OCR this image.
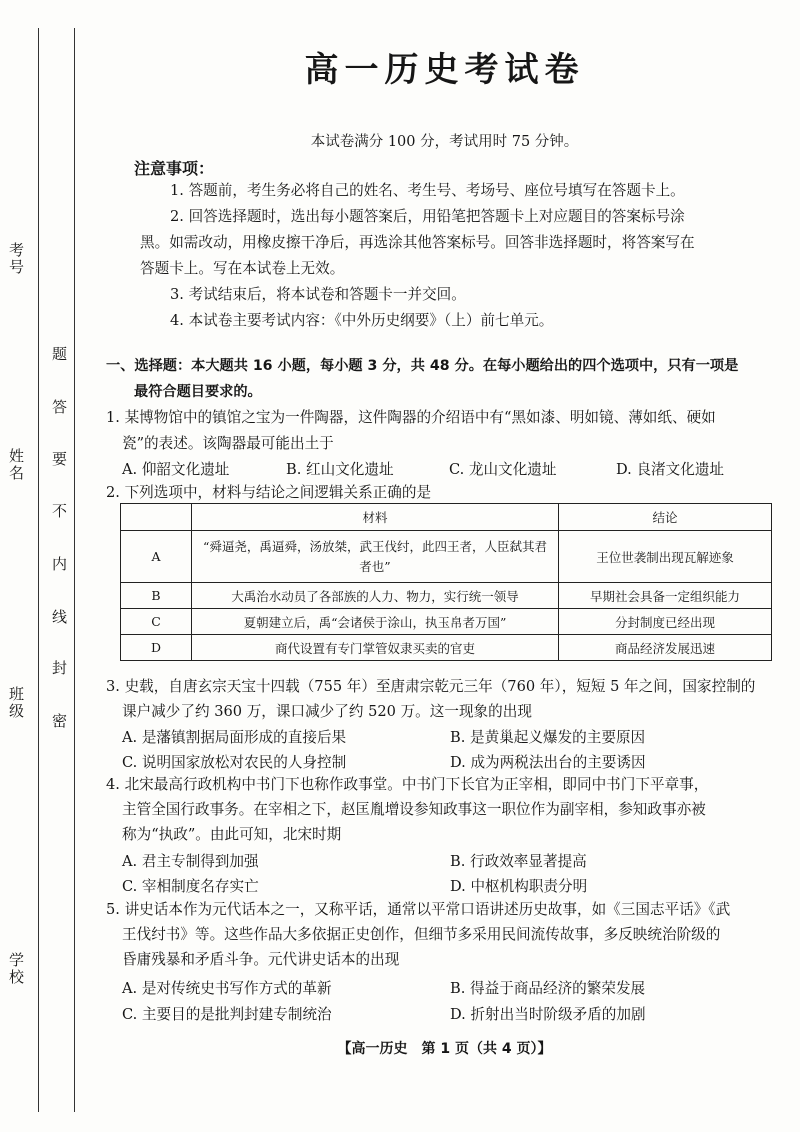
考号
姓名
班级
学校
题
答
要
不
内
线
封
密
高一历史考试卷
本试卷满分 100 分，考试用时 75 分钟。
注意事项：
1. 答题前，考生务必将自己的姓名、考生号、考场号、座位号填写在答题卡上。
2. 回答选择题时，选出每小题答案后，用铅笔把答题卡上对应题目的答案标号涂
黑。如需改动，用橡皮擦干净后，再选涂其他答案标号。回答非选择题时，将答案写在
答题卡上。写在本试卷上无效。
3. 考试结束后，将本试卷和答题卡一并交回。
4. 本试卷主要考试内容：《中外历史纲要》（上）前七单元。
一、选择题：本大题共 16 小题，每小题 3 分，共 48 分。在每小题给出的四个选项中，只有一项是
最符合题目要求的。
1. 某博物馆中的镇馆之宝为一件陶器，这件陶器的介绍语中有“黑如漆、明如镜、薄如纸、硬如
瓷”的表述。该陶器最可能出土于
A. 仰韶文化遗址	B. 红山文化遗址	C. 龙山文化遗址	D. 良渚文化遗址
2. 下列选项中，材料与结论之间逻辑关系正确的是
	材料	结论
A	“舜逼尧，禹逼舜，汤放桀，武王伐纣，此四王者，人臣弑其君者也”	王位世袭制出现瓦解迹象
B	大禹治水动员了各部族的人力、物力，实行统一领导	早期社会具备一定组织能力
C	夏朝建立后，禹“会诸侯于涂山，执玉帛者万国”	分封制度已经出现
D	商代设置有专门掌管奴隶买卖的官吏	商品经济发展迅速
3. 史载，自唐玄宗天宝十四载（755 年）至唐肃宗乾元三年（760 年），短短 5 年之间，国家控制的
课户减少了约 360 万，课口减少了约 520 万。这一现象的出现
A. 是藩镇割据局面形成的直接后果	B. 是黄巢起义爆发的主要原因
C. 说明国家放松对农民的人身控制	D. 成为两税法出台的主要诱因
4. 北宋最高行政机构中书门下也称作政事堂。中书门下长官为正宰相，即同中书门下平章事，
主管全国行政事务。在宰相之下，赵匡胤增设参知政事这一职位作为副宰相，参知政事亦被
称为“执政”。由此可知，北宋时期
A. 君主专制得到加强	B. 行政效率显著提高
C. 宰相制度名存实亡	D. 中枢机构职责分明
5. 讲史话本作为元代话本之一，又称平话，通常以平常口语讲述历史故事，如《三国志平话》《武
王伐纣书》等。这些作品大多依据正史创作，但细节多采用民间流传故事，多反映统治阶级的
昏庸残暴和矛盾斗争。元代讲史话本的出现
A. 是对传统史书写作方式的革新	B. 得益于商品经济的繁荣发展
C. 主要目的是批判封建专制统治	D. 折射出当时阶级矛盾的加剧
【高一历史　第 1 页（共 4 页）】
